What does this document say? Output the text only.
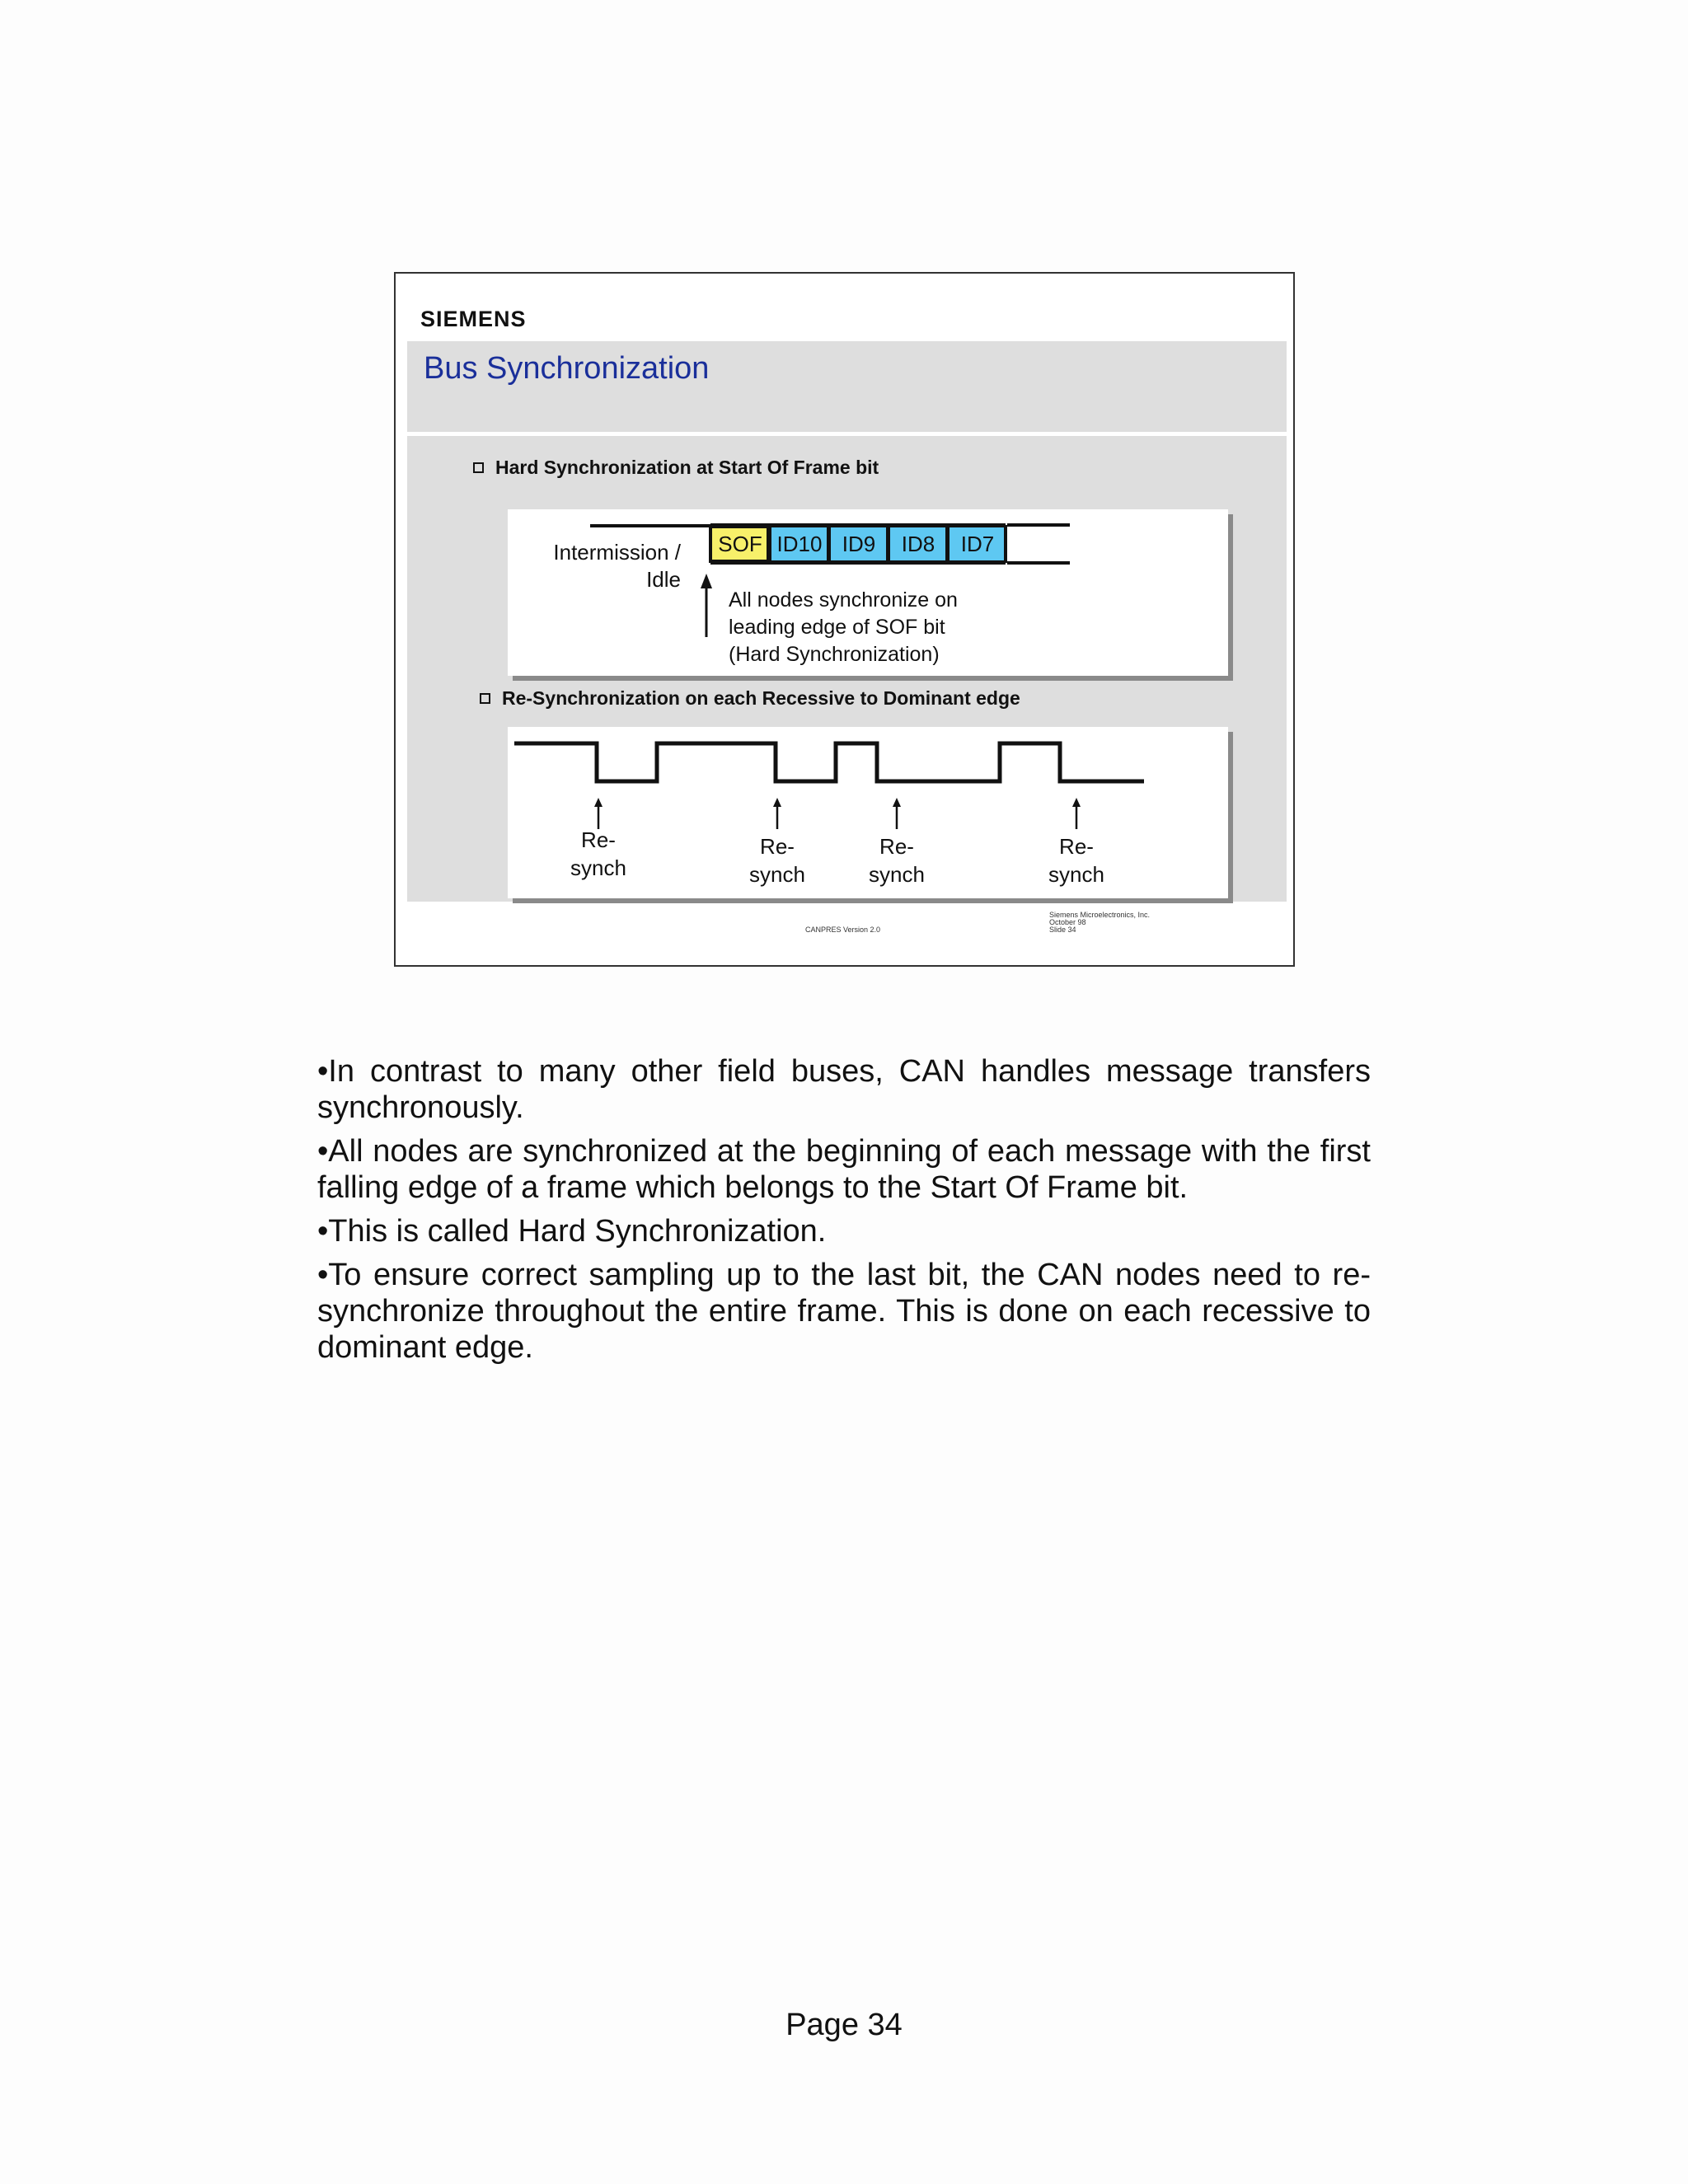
SIEMENS
Bus Synchronization
Hard Synchronization at Start Of Frame bit
SOF ID10 ID9 ID8 ID7
Intermission /
Idle
All nodes synchronize on
leading edge of SOF bit
(Hard Synchronization)
Re-Synchronization on each Recessive to Dominant edge
Re-
synch
Re-
synch
Re-
synch
Re-
synch
CANPRES Version 2.0
Siemens Microelectronics, Inc.
October 98
Slide 34

•In contrast to many other field buses, CAN handles message transfers synchronously.

•All nodes are synchronized at the beginning of each message with the first falling edge of a frame which belongs to the Start Of Frame bit.

•This is called Hard Synchronization.

•To ensure correct sampling up to the last bit, the CAN nodes need to re-synchronize throughout the entire frame. This is done on each recessive to dominant edge.

Page 34
